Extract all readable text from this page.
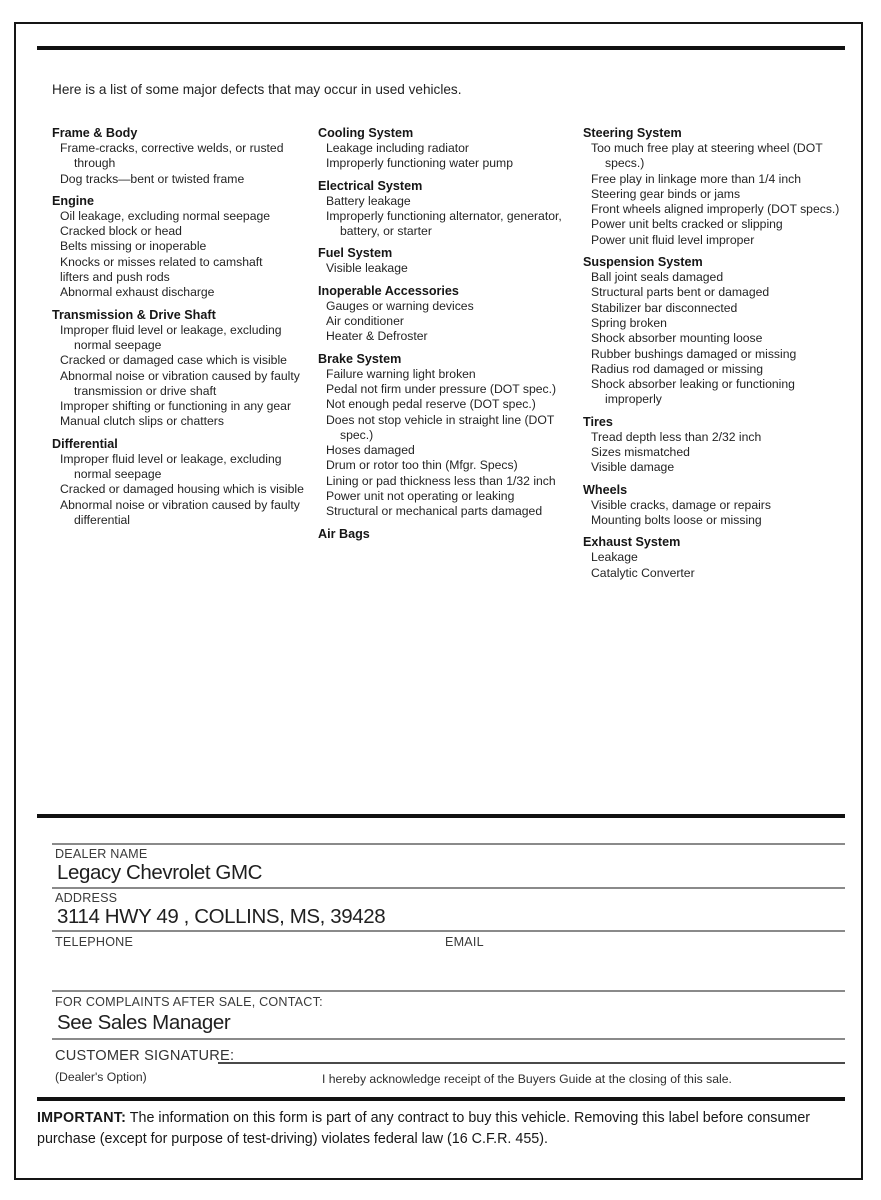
Here is a list of some major defects that may occur in used vehicles.
Frame & Body
Frame-cracks, corrective welds, or rusted through
Dog tracks—bent or twisted frame
Engine
Oil leakage, excluding normal seepage
Cracked block or head
Belts missing or inoperable
Knocks or misses related to camshaft
lifters and push rods
Abnormal exhaust discharge
Transmission & Drive Shaft
Improper fluid level or leakage, excluding normal seepage
Cracked or damaged case which is visible
Abnormal noise or vibration caused by faulty transmission or drive shaft
Improper shifting or functioning in any gear
Manual clutch slips or chatters
Differential
Improper fluid level or leakage, excluding normal seepage
Cracked or damaged housing which is visible
Abnormal noise or vibration caused by faulty differential
Cooling System
Leakage including radiator
Improperly functioning water pump
Electrical System
Battery leakage
Improperly functioning alternator, generator, battery, or starter
Fuel System
Visible leakage
Inoperable Accessories
Gauges or warning devices
Air conditioner
Heater & Defroster
Brake System
Failure warning light broken
Pedal not firm under pressure (DOT spec.)
Not enough pedal reserve (DOT spec.)
Does not stop vehicle in straight line (DOT spec.)
Hoses damaged
Drum or rotor too thin (Mfgr. Specs)
Lining or pad thickness less than 1/32 inch
Power unit not operating or leaking
Structural or mechanical parts damaged
Air Bags
Steering System
Too much free play at steering wheel (DOT specs.)
Free play in linkage more than 1/4 inch
Steering gear binds or jams
Front wheels aligned improperly (DOT specs.)
Power unit belts cracked or slipping
Power unit fluid level improper
Suspension System
Ball joint seals damaged
Structural parts bent or damaged
Stabilizer bar disconnected
Spring broken
Shock absorber mounting loose
Rubber bushings damaged or missing
Radius rod damaged or missing
Shock absorber leaking or functioning improperly
Tires
Tread depth less than 2/32 inch
Sizes mismatched
Visible damage
Wheels
Visible cracks, damage or repairs
Mounting bolts loose or missing
Exhaust System
Leakage
Catalytic Converter
DEALER NAME
Legacy Chevrolet GMC
ADDRESS
3114 HWY 49 , COLLINS, MS, 39428
TELEPHONE	EMAIL
FOR COMPLAINTS AFTER SALE, CONTACT:
See Sales Manager
CUSTOMER SIGNATURE:
(Dealer's Option)	I hereby acknowledge receipt of the Buyers Guide at the closing of this sale.
IMPORTANT: The information on this form is part of any contract to buy this vehicle. Removing this label before consumer purchase (except for purpose of test-driving) violates federal law (16 C.F.R. 455).
